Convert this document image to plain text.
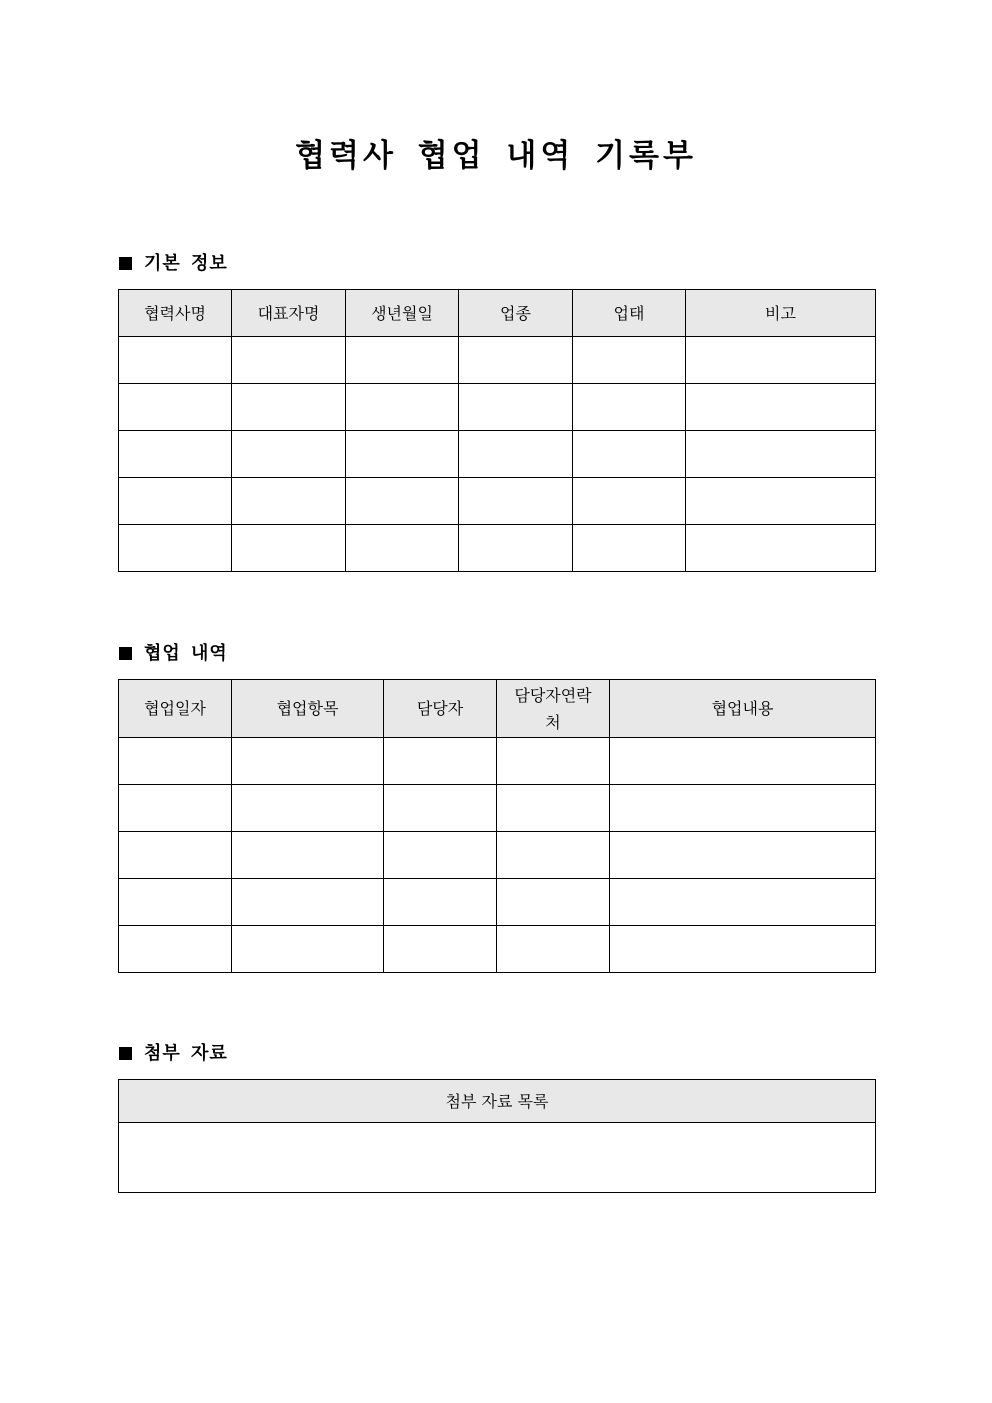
협력사 협업 내역 기록부
기본 정보
협력사명	대표자명	생년월일	업종	업태	비고

협업 내역
협업일자	협업항목	담당자	담당자연락처	협업내용

첨부 자료
첨부 자료 목록
